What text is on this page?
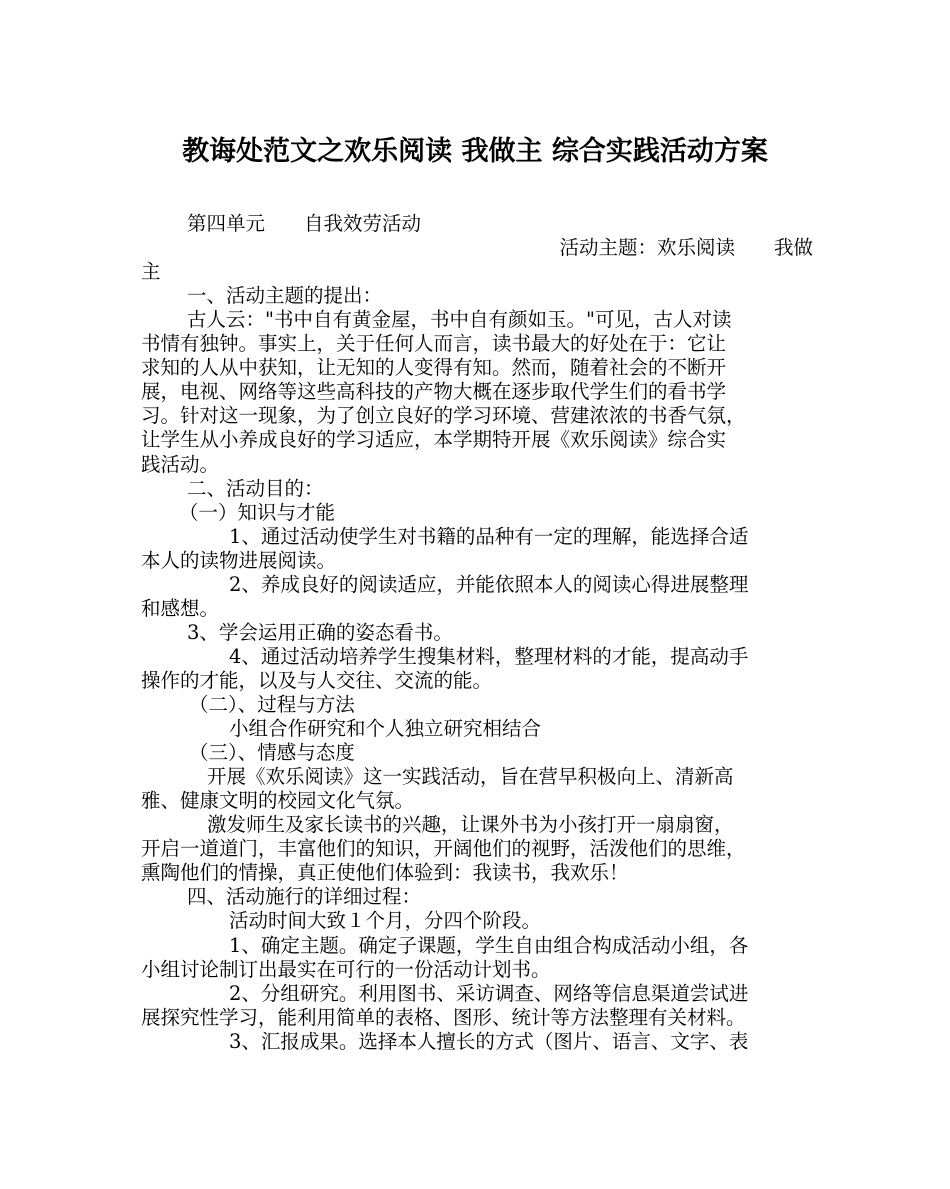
教诲处范文之欢乐阅读 我做主 综合实践活动方案
第四单元　　自我效劳活动
活动主题：欢乐阅读　　我做
主
一、活动主题的提出：
古人云："书中自有黄金屋，书中自有颜如玉。"可见，古人对读
书情有独钟。事实上，关于任何人而言，读书最大的好处在于：它让
求知的人从中获知，让无知的人变得有知。然而，随着社会的不断开
展，电视、网络等这些高科技的产物大概在逐步取代学生们的看书学
习。针对这一现象，为了创立良好的学习环境、营建浓浓的书香气氛，
让学生从小养成良好的学习适应，本学期特开展《欢乐阅读》综合实
践活动。
二、活动目的：
（一）知识与才能
1、通过活动使学生对书籍的品种有一定的理解，能选择合适
本人的读物进展阅读。
2、养成良好的阅读适应，并能依照本人的阅读心得进展整理
和感想。
3、学会运用正确的姿态看书。
4、通过活动培养学生搜集材料，整理材料的才能，提高动手
操作的才能，以及与人交往、交流的能。
（二）、过程与方法
小组合作研究和个人独立研究相结合
（三）、情感与态度
开展《欢乐阅读》这一实践活动，旨在营早积极向上、清新高
雅、健康文明的校园文化气氛。
激发师生及家长读书的兴趣，让课外书为小孩打开一扇扇窗，
开启一道道门，丰富他们的知识，开阔他们的视野，活泼他们的思维，
熏陶他们的情操，真正使他们体验到：我读书，我欢乐！
四、活动施行的详细过程：
活动时间大致１个月，分四个阶段。
1、确定主题。确定子课题，学生自由组合构成活动小组，各
小组讨论制订出最实在可行的一份活动计划书。
2、分组研究。利用图书、采访调查、网络等信息渠道尝试进
展探究性学习，能利用简单的表格、图形、统计等方法整理有关材料。
3、汇报成果。选择本人擅长的方式（图片、语言、文字、表
